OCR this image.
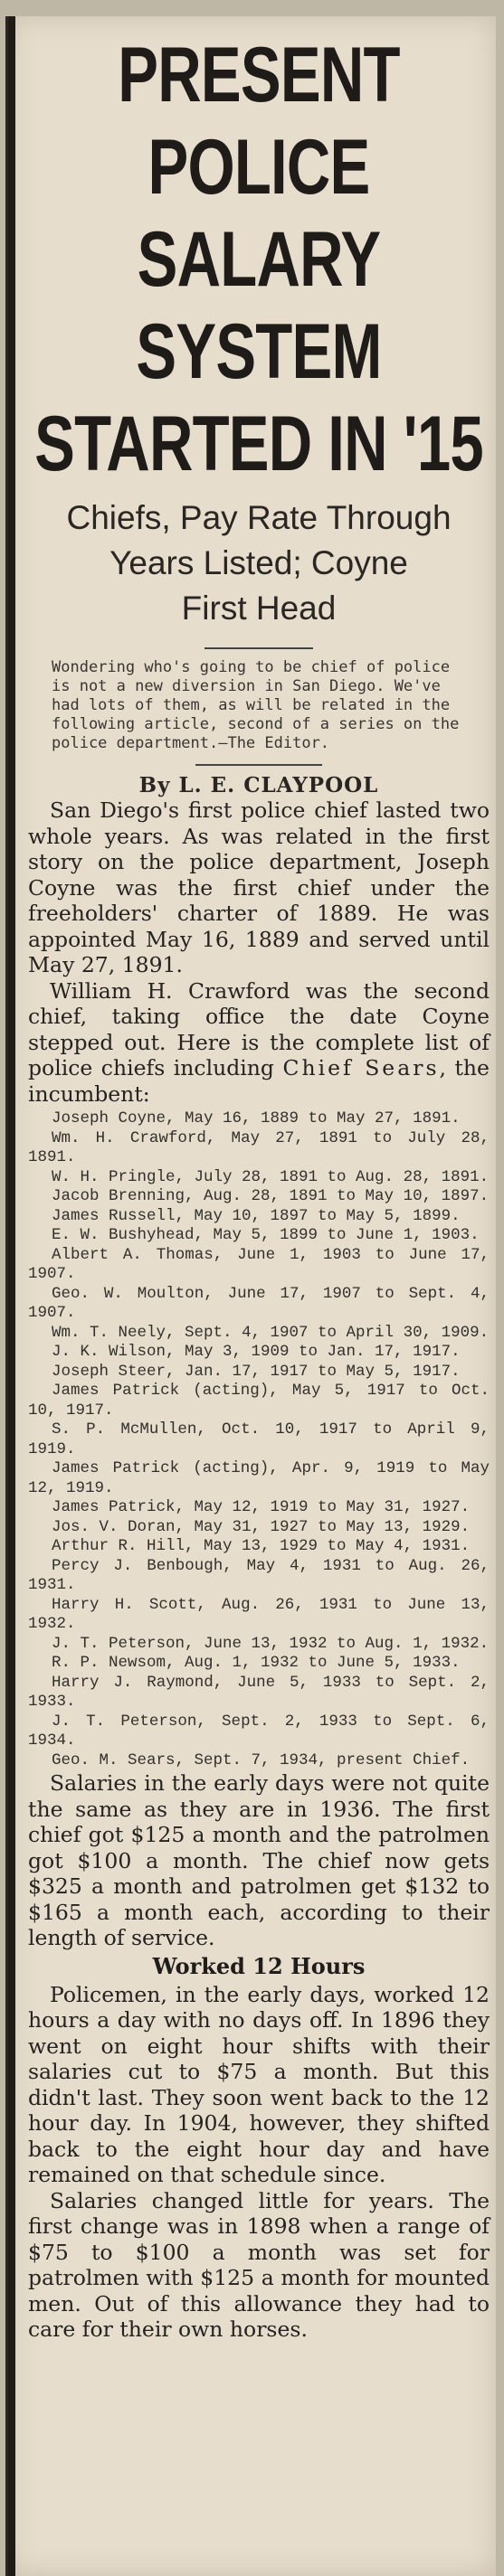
PRESENT POLICE
SALARY SYSTEM
STARTED IN '15
Chiefs, Pay Rate Through
Years Listed; Coyne
First Head

Wondering who's going to be chief of police is not a new diversion in San Diego. We've had lots of them, as will be related in the following article, second of a series on the police department.—The Editor.

By L. E. CLAYPOOL

San Diego's first police chief lasted two whole years. As was related in the first story on the police department, Joseph Coyne was the first chief under the freeholders' charter of 1889. He was appointed May 16, 1889 and served until May 27, 1891.

William H. Crawford was the second chief, taking office the date Coyne stepped out. Here is the complete list of police chiefs including Chief Sears, the incumbent:

Joseph Coyne, May 16, 1889 to May 27, 1891.

Wm. H. Crawford, May 27, 1891 to July 28, 1891.

W. H. Pringle, July 28, 1891 to Aug. 28, 1891.

Jacob Brenning, Aug. 28, 1891 to May 10, 1897.

James Russell, May 10, 1897 to May 5, 1899.

E. W. Bushyhead, May 5, 1899 to June 1, 1903.

Albert A. Thomas, June 1, 1903 to June 17, 1907.

Geo. W. Moulton, June 17, 1907 to Sept. 4, 1907.

Wm. T. Neely, Sept. 4, 1907 to April 30, 1909.

J. K. Wilson, May 3, 1909 to Jan. 17, 1917.

Joseph Steer, Jan. 17, 1917 to May 5, 1917.

James Patrick (acting), May 5, 1917 to Oct. 10, 1917.

S. P. McMullen, Oct. 10, 1917 to April 9, 1919.

James Patrick (acting), Apr. 9, 1919 to May 12, 1919.

James Patrick, May 12, 1919 to May 31, 1927.

Jos. V. Doran, May 31, 1927 to May 13, 1929.

Arthur R. Hill, May 13, 1929 to May 4, 1931.

Percy J. Benbough, May 4, 1931 to Aug. 26, 1931.

Harry H. Scott, Aug. 26, 1931 to June 13, 1932.

J. T. Peterson, June 13, 1932 to Aug. 1, 1932.

R. P. Newsom, Aug. 1, 1932 to June 5, 1933.

Harry J. Raymond, June 5, 1933 to Sept. 2, 1933.

J. T. Peterson, Sept. 2, 1933 to Sept. 6, 1934.

Geo. M. Sears, Sept. 7, 1934, present Chief.

Salaries in the early days were not quite the same as they are in 1936. The first chief got $125 a month and the patrolmen got $100 a month. The chief now gets $325 a month and patrolmen get $132 to $165 a month each, according to their length of service.

Worked 12 Hours

Policemen, in the early days, worked 12 hours a day with no days off. In 1896 they went on eight hour shifts with their salaries cut to $75 a month. But this didn't last. They soon went back to the 12 hour day. In 1904, however, they shifted back to the eight hour day and have remained on that schedule since.

Salaries changed little for years. The first change was in 1898 when a range of $75 to $100 a month was set for patrolmen with $125 a month for mounted men. Out of this allowance they had to care for their own horses.
